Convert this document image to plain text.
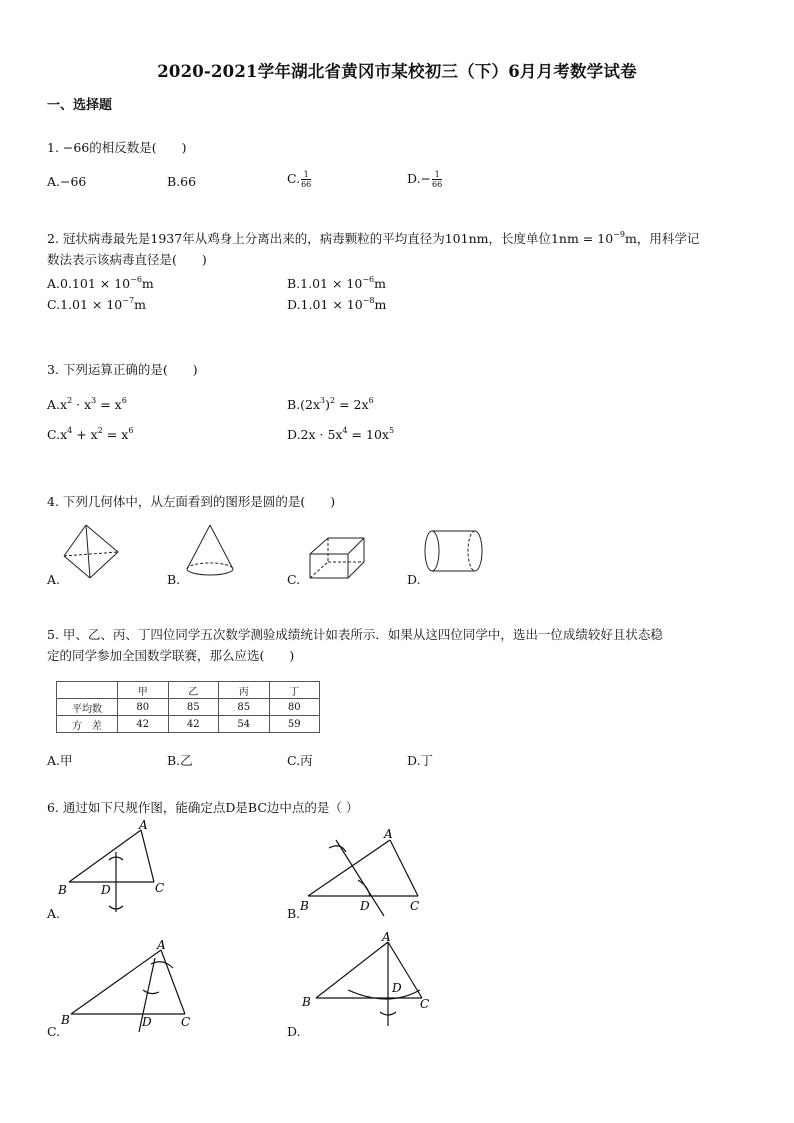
2020-2021学年湖北省黄冈市某校初三（下）6月月考数学试卷
一、选择题
1. −66的相反数是(　　)
A.−66	B.66	C. $\frac{1}{66}$	$D.- \frac{1}{66}$
2. 冠状病毒最先是1937年从鸡身上分离出来的，病毒颗粒的平均直径为101nm，长度单位$1nm = 10^{-9}m$，用科学记
数法表示该病毒直径是(　　)
$A.0.101 \times 10^{-6}m$	$B.1.01 \times 10^{-6}m$
$C.1.01 \times 10^{-7}m$	$D.1.01 \times 10^{-8}m$
3. 下列运算正确的是(　　)
$A.x^2 \cdot x^3 = x^6$	$B.(2x^3)^2 = 2x^6$
$C.x^4 + x^2 = x^6$	$D.2x \cdot 5x^4 = 10x^5$
4. 下列几何体中，从左面看到的图形是圆的是(　　)
A.	B.	C.	D.
5. 甲、乙、丙、丁四位同学五次数学测验成绩统计如表所示．如果从这四位同学中，选出一位成绩较好且状态稳
定的同学参加全国数学联赛，那么应选(　　)
	甲	乙	丙	丁
平均数	80	85	85	80
方　差	42	42	54	59
A.甲	B.乙	C.丙	D.丁
6. 通过如下尺规作图，能确定点D是BC边中点的是（ ）
A
B	C
D
A.
A
B	C
D
B.
A
B	C
D
C.
A
B	C
D
D.
